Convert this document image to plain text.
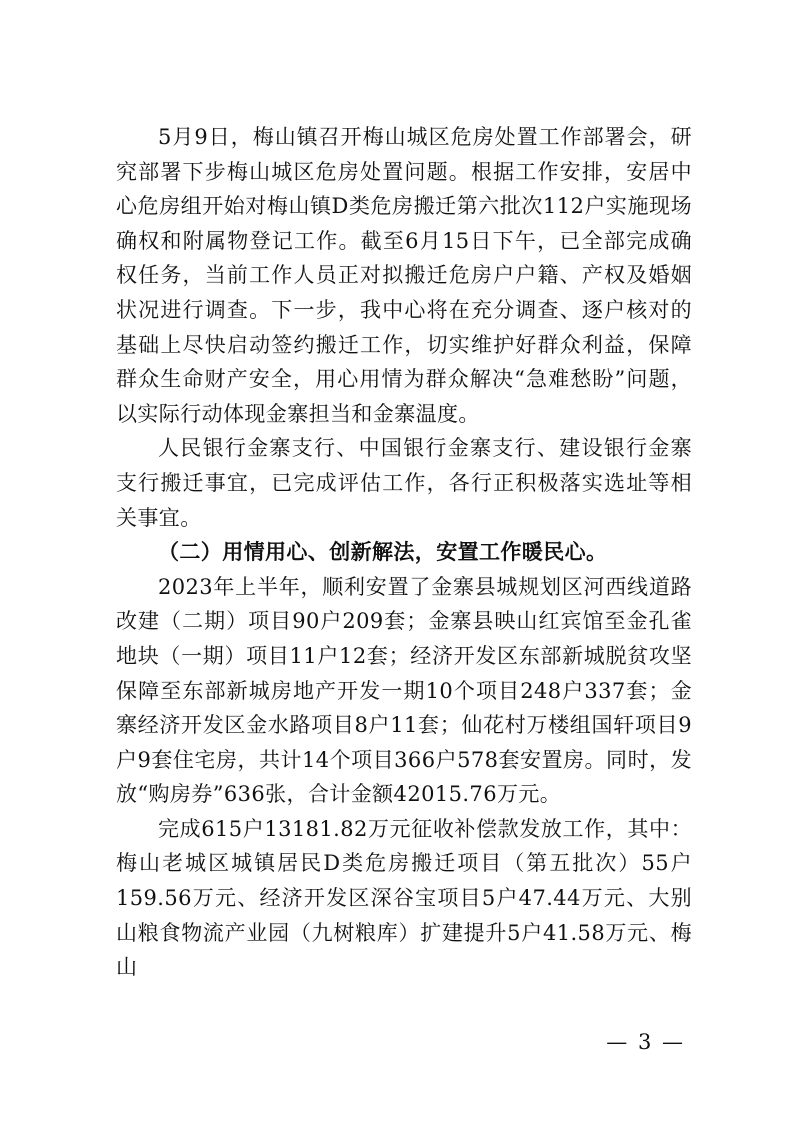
5月9日，梅山镇召开梅山城区危房处置工作部署会，研究部署下步梅山城区危房处置问题。根据工作安排，安居中心危房组开始对梅山镇D类危房搬迁第六批次112户实施现场确权和附属物登记工作。截至6月15日下午，已全部完成确权任务，当前工作人员正对拟搬迁危房户户籍、产权及婚姻状况进行调查。下一步，我中心将在充分调查、逐户核对的基础上尽快启动签约搬迁工作，切实维护好群众利益，保障群众生命财产安全，用心用情为群众解决“急难愁盼”问题，以实际行动体现金寨担当和金寨温度。

人民银行金寨支行、中国银行金寨支行、建设银行金寨支行搬迁事宜，已完成评估工作，各行正积极落实选址等相关事宜。

（二）用情用心、创新解法，安置工作暖民心。

2023年上半年，顺利安置了金寨县城规划区河西线道路改建（二期）项目90户209套；金寨县映山红宾馆至金孔雀地块（一期）项目11户12套；经济开发区东部新城脱贫攻坚保障至东部新城房地产开发一期10个项目248户337套；金寨经济开发区金水路项目8户11套；仙花村万楼组国轩项目9户9套住宅房，共计14个项目366户578套安置房。同时，发放“购房券”636张，合计金额42015.76万元。

完成615户13181.82万元征收补偿款发放工作，其中：梅山老城区城镇居民D类危房搬迁项目（第五批次）55户159.56万元、经济开发区深谷宝项目5户47.44万元、大别山粮食物流产业园（九树粮库）扩建提升5户41.58万元、梅山

— 3 —
